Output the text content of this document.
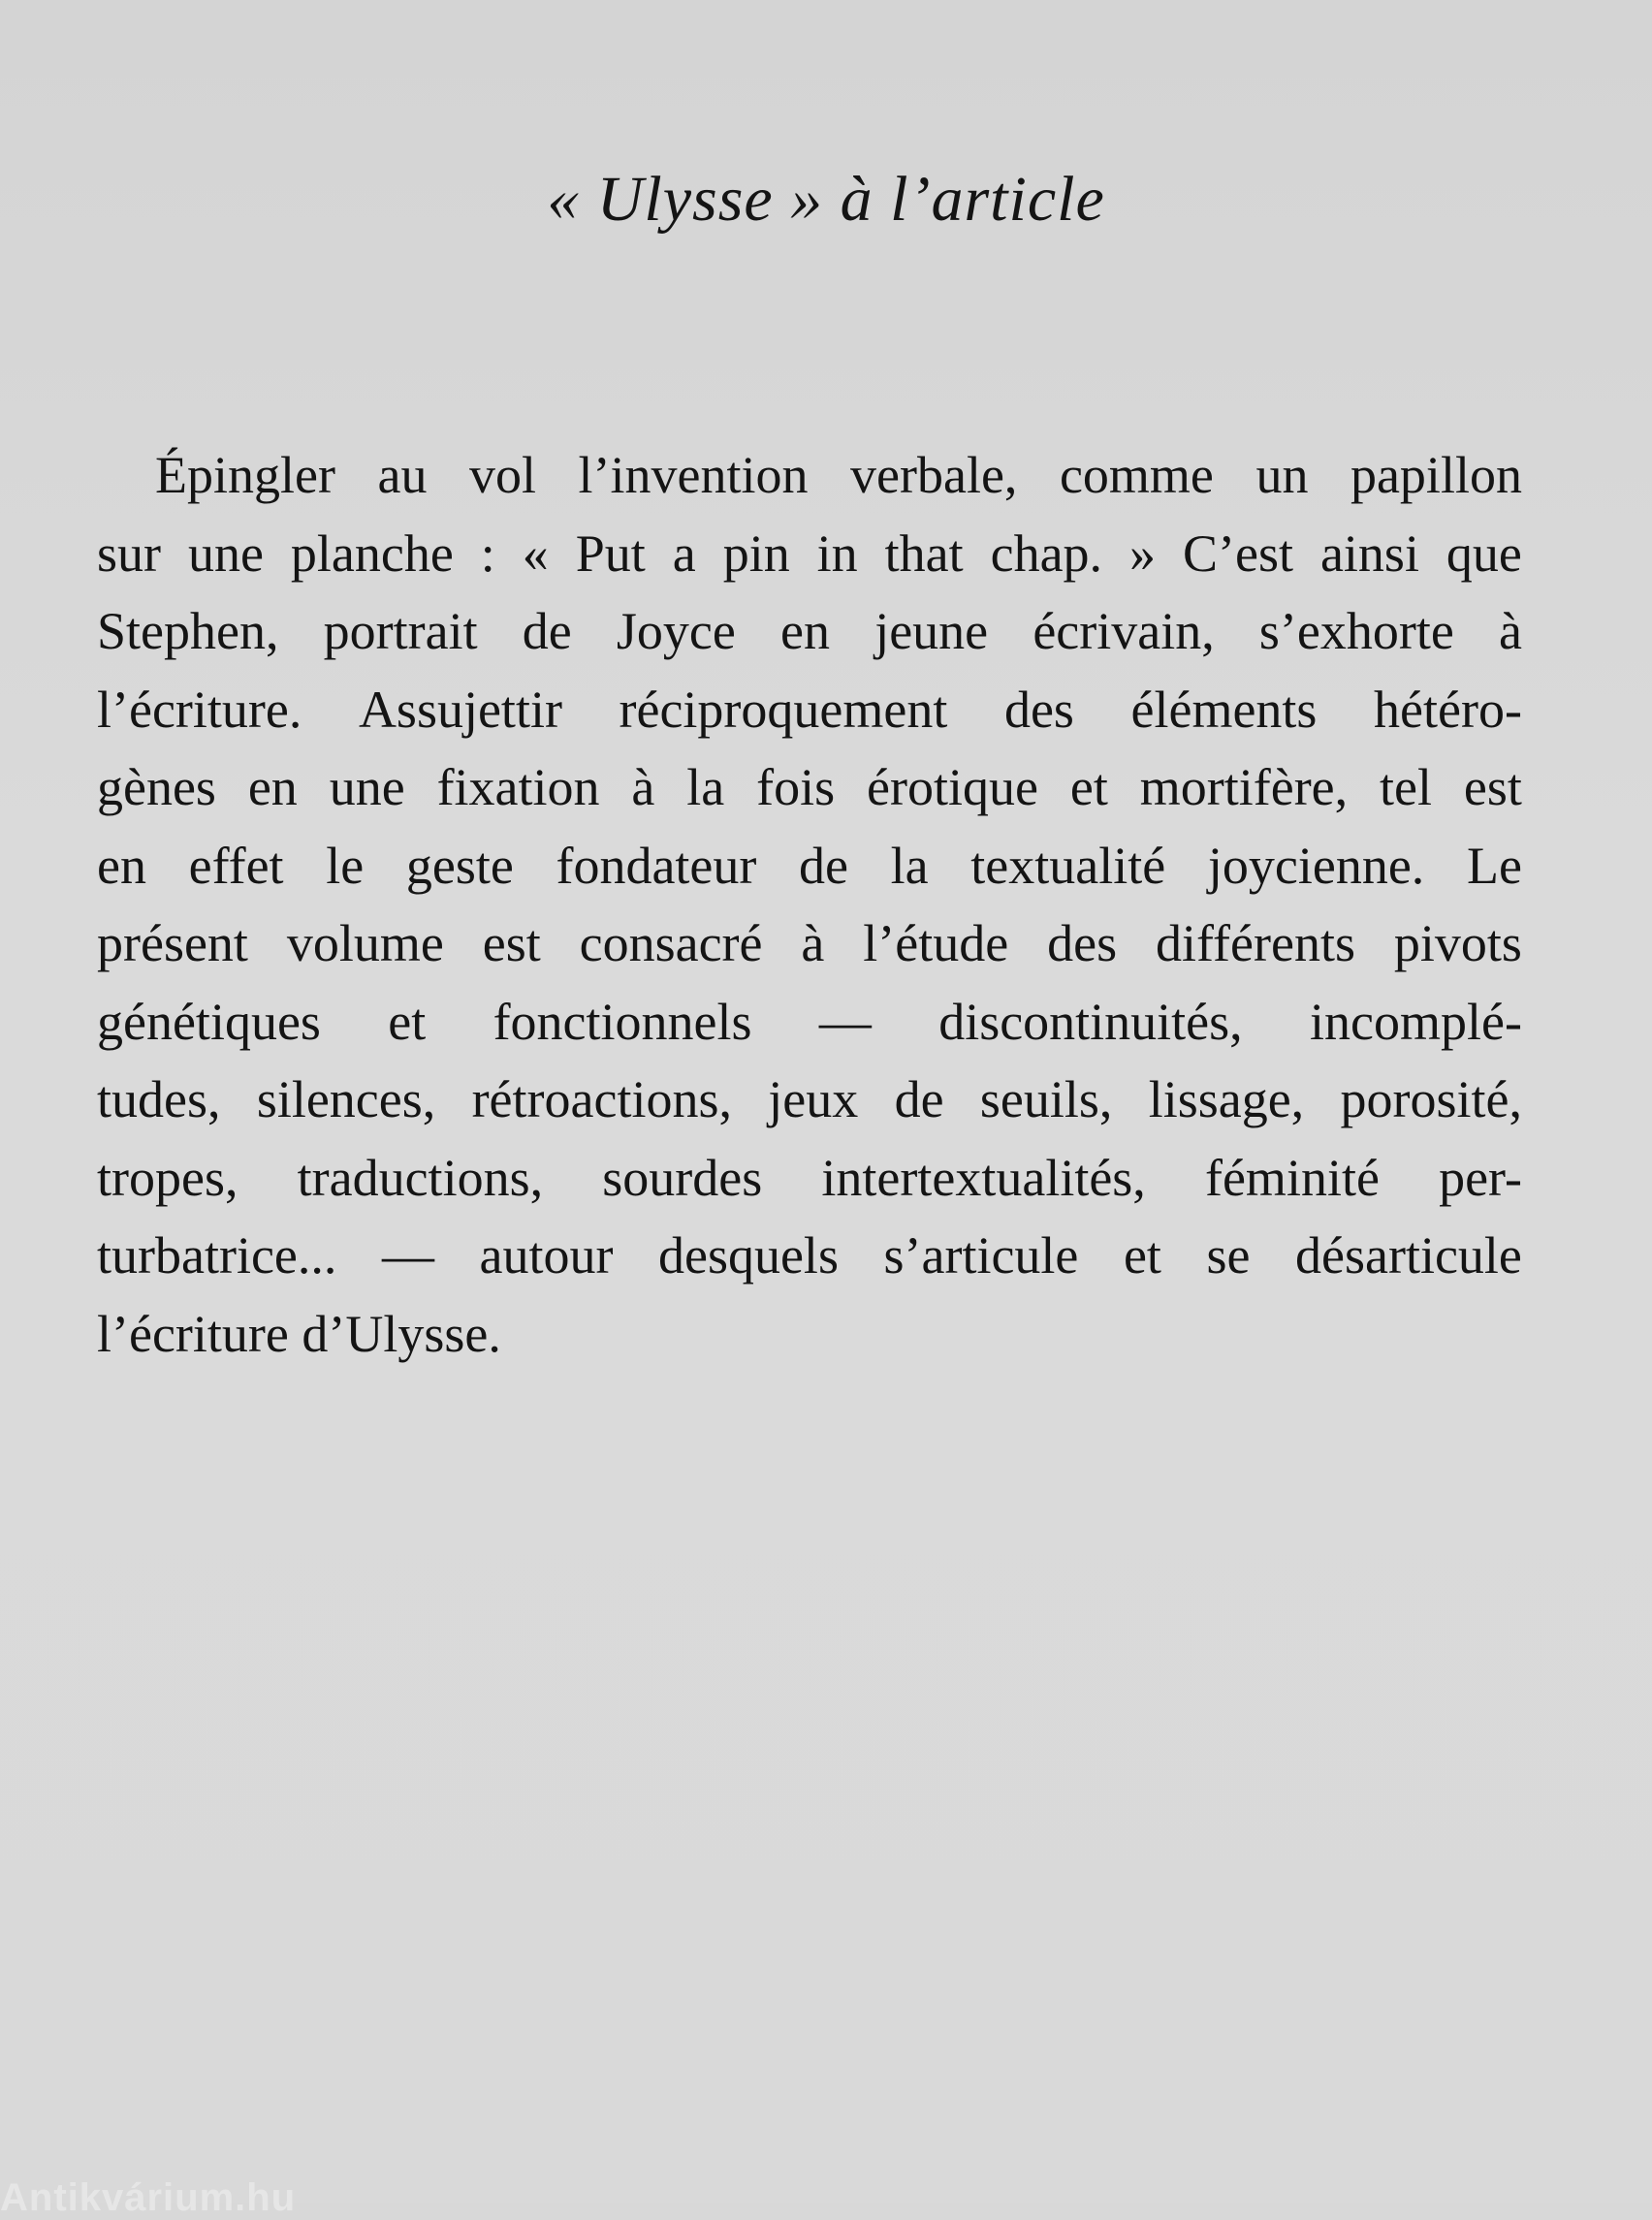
« Ulysse » à l’article
Épingler au vol l’invention verbale, comme un papillon
sur une planche : « Put a pin in that chap. » C’est ainsi que
Stephen, portrait de Joyce en jeune écrivain, s’exhorte à
l’écriture. Assujettir réciproquement des éléments hétéro-
gènes en une fixation à la fois érotique et mortifère, tel est
en effet le geste fondateur de la textualité joycienne. Le
présent volume est consacré à l’étude des différents pivots
génétiques et fonctionnels — discontinuités, incomplé-
tudes, silences, rétroactions, jeux de seuils, lissage, porosité,
tropes, traductions, sourdes intertextualités, féminité per-
turbatrice... — autour desquels s’articule et se désarticule
l’écriture d’Ulysse.
Antikvárium.hu
